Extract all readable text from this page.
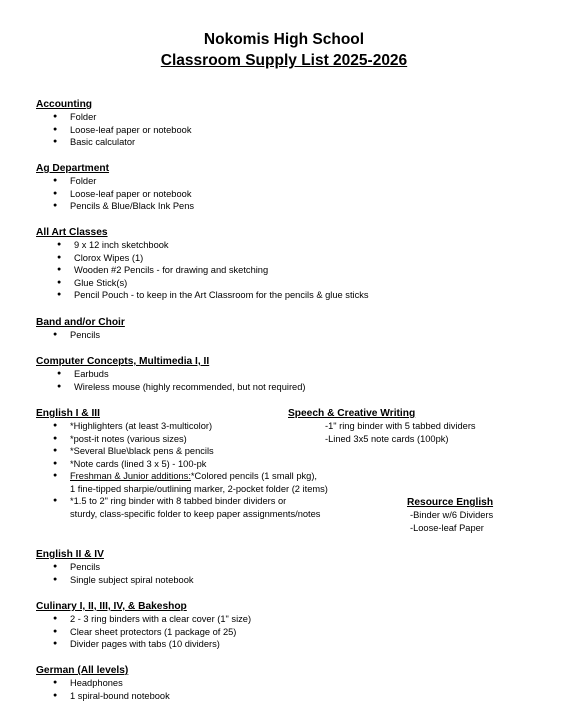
Nokomis High School
Classroom Supply List 2025-2026
Accounting
● Folder
● Loose-leaf paper or notebook
● Basic calculator
Ag Department
● Folder
● Loose-leaf paper or notebook
● Pencils & Blue/Black Ink Pens
All Art Classes
● 9 x 12 inch sketchbook
● Clorox Wipes (1)
● Wooden #2 Pencils - for drawing and sketching
● Glue Stick(s)
● Pencil Pouch - to keep in the Art Classroom for the pencils & glue sticks
Band and/or Choir
● Pencils
Computer Concepts, Multimedia I, II
● Earbuds
● Wireless mouse (highly recommended, but not required)
English I & III
● *Highlighters (at least 3-multicolor)
● *post-it notes (various sizes)
● *Several Blue\black pens & pencils
● *Note cards (lined 3 x 5) - 100-pk
● Freshman & Junior additions:*Colored pencils (1 small pkg),
1 fine-tipped sharpie/outlining marker, 2-pocket folder (2 items)
● *1.5 to 2" ring binder with 8 tabbed binder dividers or
sturdy, class-specific folder to keep paper assignments/notes
Speech & Creative Writing
-1" ring binder with 5 tabbed dividers
-Lined 3x5 note cards (100pk)
Resource English
-Binder w/6 Dividers
-Loose-leaf Paper
English II & IV
● Pencils
● Single subject spiral notebook
Culinary I, II, III, IV, & Bakeshop
● 2 - 3 ring binders with a clear cover (1" size)
● Clear sheet protectors (1 package of 25)
● Divider pages with tabs (10 dividers)
German (All levels)
● Headphones
● 1 spiral-bound notebook
